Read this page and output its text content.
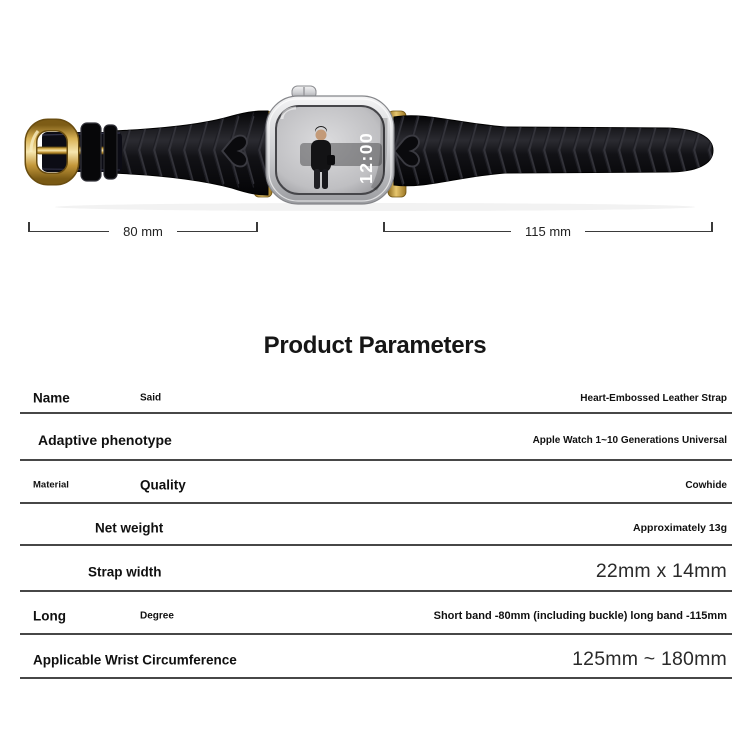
12:00
80 mm	115 mm
Product Parameters
Name	Said	Heart-Embossed Leather Strap
Adaptive phenotype	Apple Watch 1~10 Generations Universal
Material	Quality	Cowhide
Net weight	Approximately 13g
Strap width	22mm x 14mm
Long	Degree	Short band -80mm (including buckle) long band -115mm
Applicable Wrist Circumference	125mm ~ 180mm
